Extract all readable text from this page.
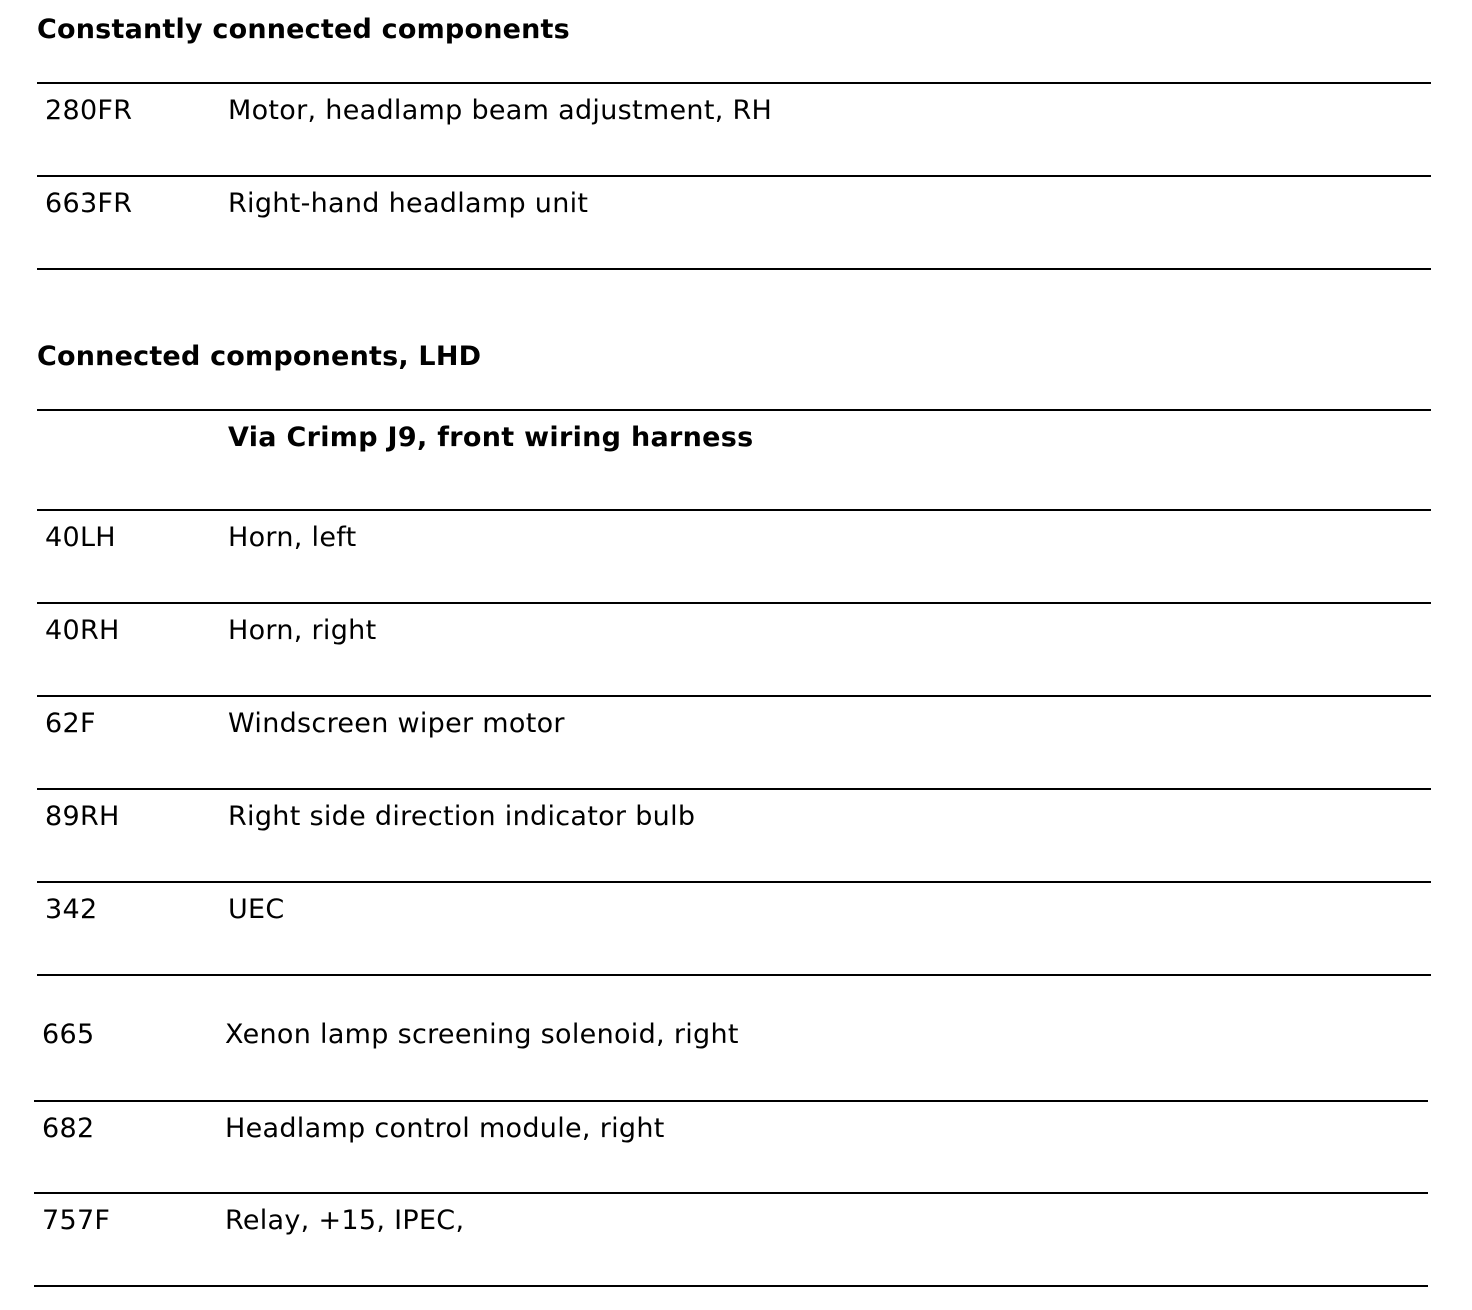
Constantly connected components
280FR	Motor, headlamp beam adjustment, RH
663FR	Right-hand headlamp unit
Connected components, LHD
Via Crimp J9, front wiring harness
40LH	Horn, left
40RH	Horn, right
62F	Windscreen wiper motor
89RH	Right side direction indicator bulb
342	UEC
665	Xenon lamp screening solenoid, right
682	Headlamp control module, right
757F	Relay, +15, IPEC,
